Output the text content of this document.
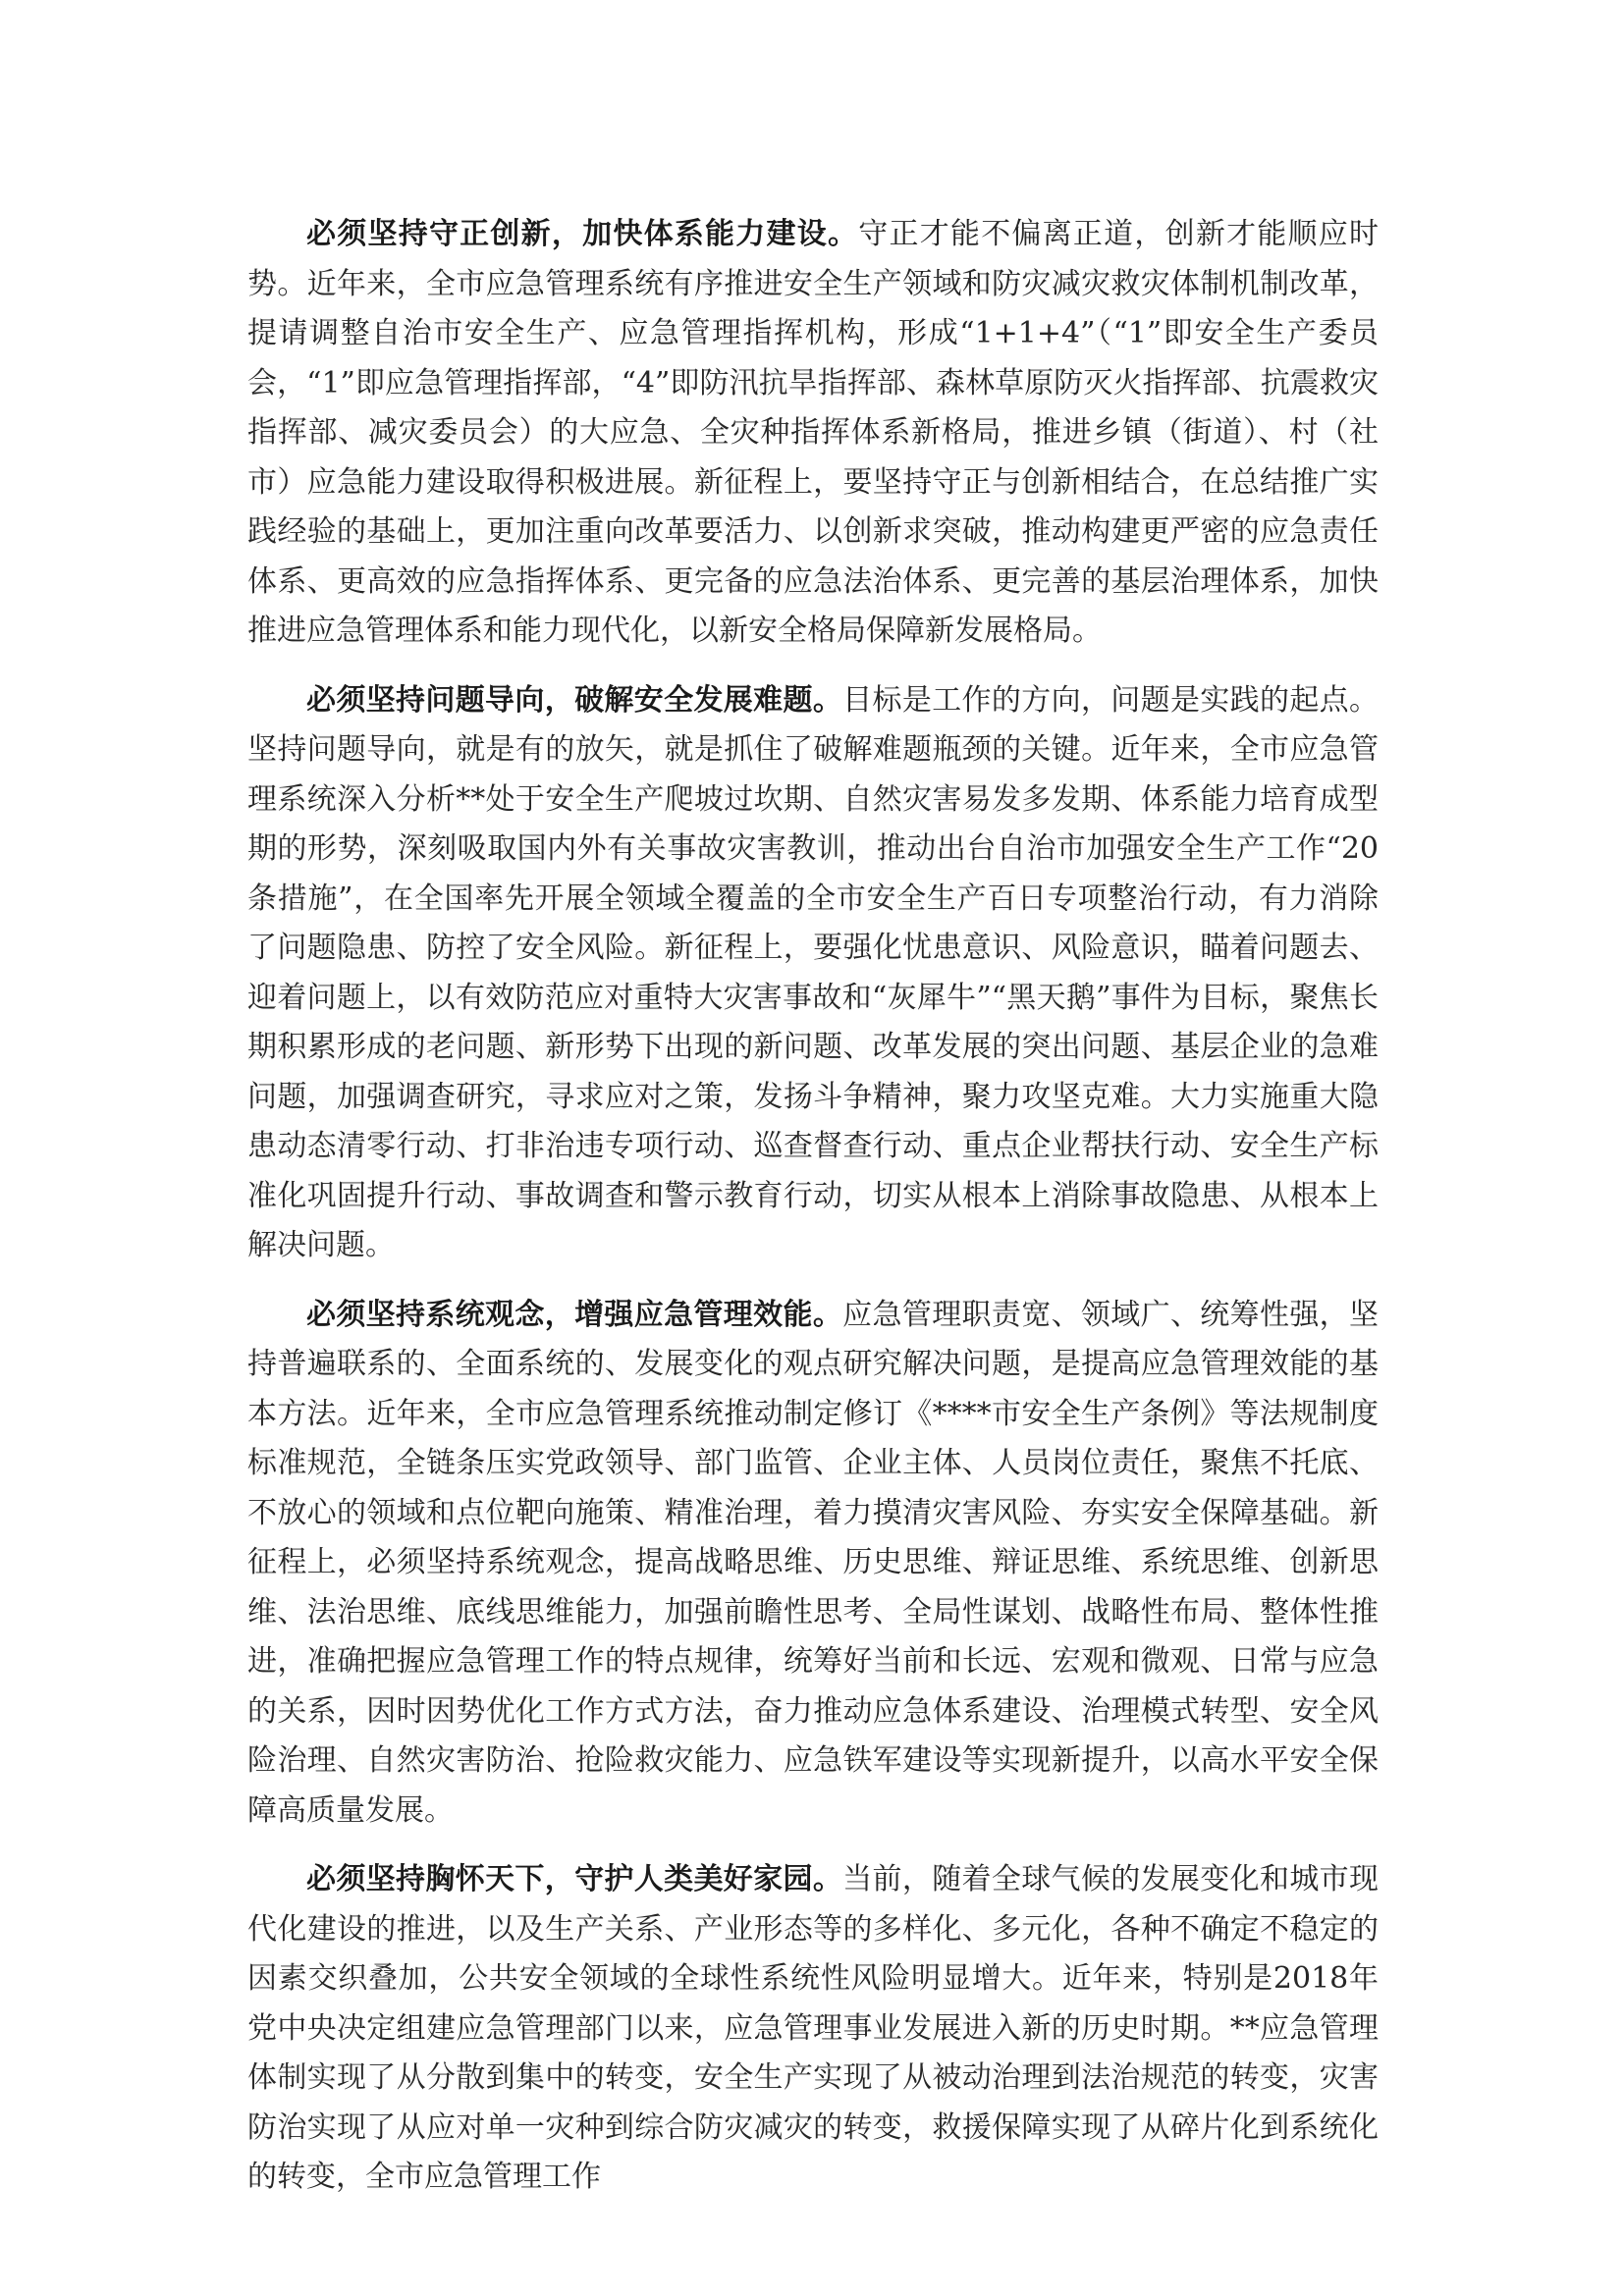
必须坚持守正创新，加快体系能力建设。守正才能不偏离正道，创新才能顺应时势。近年来，全市应急管理系统有序推进安全生产领域和防灾减灾救灾体制机制改革，提请调整自治市安全生产、应急管理指挥机构，形成“1+1+4”（“1”即安全生产委员会，“1”即应急管理指挥部，“4”即防汛抗旱指挥部、森林草原防灭火指挥部、抗震救灾指挥部、减灾委员会）的大应急、全灾种指挥体系新格局，推进乡镇（街道）、村（社市）应急能力建设取得积极进展。新征程上，要坚持守正与创新相结合，在总结推广实践经验的基础上，更加注重向改革要活力、以创新求突破，推动构建更严密的应急责任体系、更高效的应急指挥体系、更完备的应急法治体系、更完善的基层治理体系，加快推进应急管理体系和能力现代化，以新安全格局保障新发展格局。

必须坚持问题导向，破解安全发展难题。目标是工作的方向，问题是实践的起点。坚持问题导向，就是有的放矢，就是抓住了破解难题瓶颈的关键。近年来，全市应急管理系统深入分析**处于安全生产爬坡过坎期、自然灾害易发多发期、体系能力培育成型期的形势，深刻吸取国内外有关事故灾害教训，推动出台自治市加强安全生产工作“20条措施”，在全国率先开展全领域全覆盖的全市安全生产百日专项整治行动，有力消除了问题隐患、防控了安全风险。新征程上，要强化忧患意识、风险意识，瞄着问题去、迎着问题上，以有效防范应对重特大灾害事故和“灰犀牛”“黑天鹅”事件为目标，聚焦长期积累形成的老问题、新形势下出现的新问题、改革发展的突出问题、基层企业的急难问题，加强调查研究，寻求应对之策，发扬斗争精神，聚力攻坚克难。大力实施重大隐患动态清零行动、打非治违专项行动、巡查督查行动、重点企业帮扶行动、安全生产标准化巩固提升行动、事故调查和警示教育行动，切实从根本上消除事故隐患、从根本上解决问题。

必须坚持系统观念，增强应急管理效能。应急管理职责宽、领域广、统筹性强，坚持普遍联系的、全面系统的、发展变化的观点研究解决问题，是提高应急管理效能的基本方法。近年来，全市应急管理系统推动制定修订《****市安全生产条例》等法规制度标准规范，全链条压实党政领导、部门监管、企业主体、人员岗位责任，聚焦不托底、不放心的领域和点位靶向施策、精准治理，着力摸清灾害风险、夯实安全保障基础。新征程上，必须坚持系统观念，提高战略思维、历史思维、辩证思维、系统思维、创新思维、法治思维、底线思维能力，加强前瞻性思考、全局性谋划、战略性布局、整体性推进，准确把握应急管理工作的特点规律，统筹好当前和长远、宏观和微观、日常与应急的关系，因时因势优化工作方式方法，奋力推动应急体系建设、治理模式转型、安全风险治理、自然灾害防治、抢险救灾能力、应急铁军建设等实现新提升，以高水平安全保障高质量发展。

必须坚持胸怀天下，守护人类美好家园。当前，随着全球气候的发展变化和城市现代化建设的推进，以及生产关系、产业形态等的多样化、多元化，各种不确定不稳定的因素交织叠加，公共安全领域的全球性系统性风险明显增大。近年来，特别是2018年党中央决定组建应急管理部门以来，应急管理事业发展进入新的历史时期。**应急管理体制实现了从分散到集中的转变，安全生产实现了从被动治理到法治规范的转变，灾害防治实现了从应对单一灾种到综合防灾减灾的转变，救援保障实现了从碎片化到系统化的转变，全市应急管理工作
